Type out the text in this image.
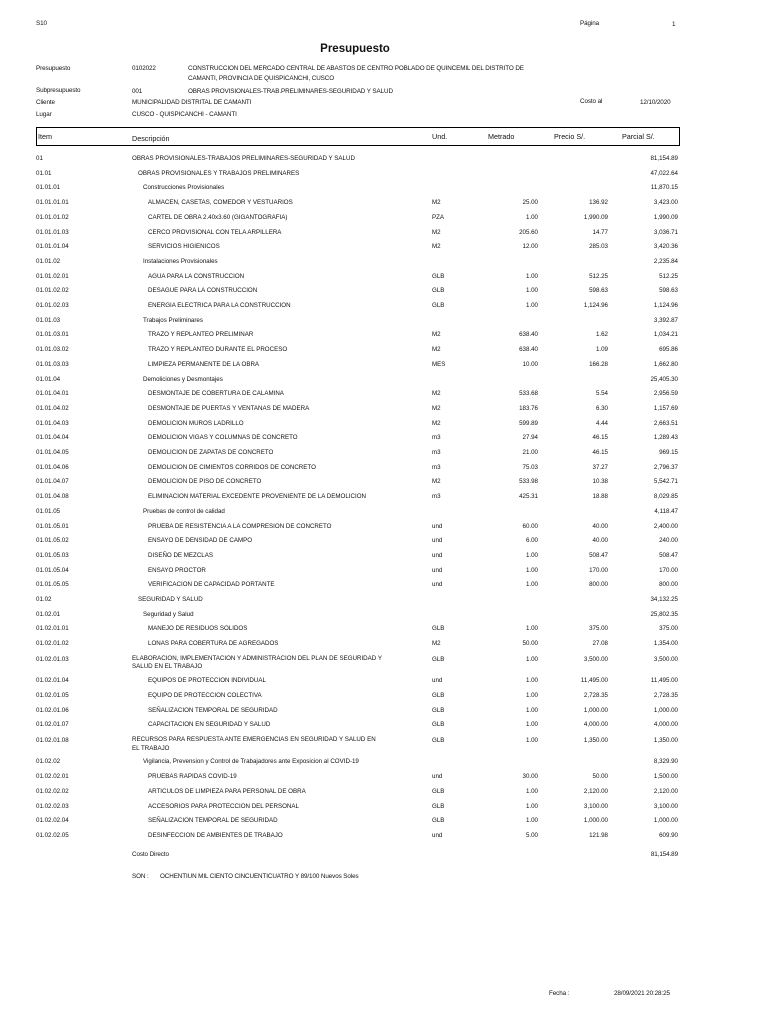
S10	Página	1
Presupuesto
Presupuesto	0102022	CONSTRUCCION DEL MERCADO CENTRAL DE ABASTOS DE CENTRO POBLADO DE QUINCEMIL DEL DISTRITO DE
CAMANTI, PROVINCIA DE QUISPICANCHI, CUSCO
Subpresupuesto	001	OBRAS PROVISIONALES-TRAB.PRELIMINARES-SEGURIDAD Y SALUD
Cliente	MUNICIPALIDAD DISTRITAL DE CAMANTI	Costo al	12/10/2020
Lugar	CUSCO - QUISPICANCHI - CAMANTI
Item	Descripción	Und.	Metrado	Precio S/.	Parcial S/.
01	OBRAS PROVISIONALES-TRABAJOS PRELIMINARES-SEGURIDAD Y SALUD	81,154.89
01.01	OBRAS PROVISIONALES Y TRABAJOS PRELIMINARES	47,022.64
01.01.01	Construcciones Provisionales	11,870.15
01.01.01.01	ALMACEN, CASETAS, COMEDOR Y VESTUARIOS	M2	25.00	136.92	3,423.00
01.01.01.02	CARTEL DE OBRA 2.40x3.60 (GIGANTOGRAFIA)	PZA	1.00	1,990.09	1,990.09
01.01.01.03	CERCO PROVISIONAL CON TELA ARPILLERA	M2	205.60	14.77	3,036.71
01.01.01.04	SERVICIOS HIGIENICOS	M2	12.00	285.03	3,420.36
01.01.02	Instalaciones Provisionales	2,235.84
01.01.02.01	AGUA PARA LA CONSTRUCCION	GLB	1.00	512.25	512.25
01.01.02.02	DESAGUE PARA LA CONSTRUCCION	GLB	1.00	598.63	598.63
01.01.02.03	ENERGIA ELECTRICA PARA LA CONSTRUCCION	GLB	1.00	1,124.96	1,124.96
01.01.03	Trabajos Preliminares	3,392.87
01.01.03.01	TRAZO Y REPLANTEO PRELIMINAR	M2	638.40	1.62	1,034.21
01.01.03.02	TRAZO Y REPLANTEO DURANTE EL PROCESO	M2	638.40	1.09	695.86
01.01.03.03	LIMPIEZA PERMANENTE DE LA OBRA	MES	10.00	166.28	1,662.80
01.01.04	Demoliciones y Desmontajes	25,405.30
01.01.04.01	DESMONTAJE DE COBERTURA DE CALAMINA	M2	533.68	5.54	2,956.59
01.01.04.02	DESMONTAJE DE PUERTAS Y VENTANAS DE MADERA	M2	183.76	6.30	1,157.69
01.01.04.03	DEMOLICION MUROS LADRILLO	M2	599.89	4.44	2,663.51
01.01.04.04	DEMOLICION VIGAS Y COLUMNAS DE CONCRETO	m3	27.94	46.15	1,289.43
01.01.04.05	DEMOLICION DE ZAPATAS DE CONCRETO	m3	21.00	46.15	969.15
01.01.04.06	DEMOLICION DE CIMIENTOS CORRIDOS DE CONCRETO	m3	75.03	37.27	2,796.37
01.01.04.07	DEMOLICION DE PISO DE CONCRETO	M2	533.98	10.38	5,542.71
01.01.04.08	ELIMINACION MATERIAL EXCEDENTE PROVENIENTE DE LA DEMOLICION	m3	425.31	18.88	8,029.85
01.01.05	Pruebas de control de calidad	4,118.47
01.01.05.01	PRUEBA DE RESISTENCIA A LA COMPRESION DE CONCRETO	und	60.00	40.00	2,400.00
01.01.05.02	ENSAYO DE DENSIDAD DE CAMPO	und	6.00	40.00	240.00
01.01.05.03	DISEÑO DE MEZCLAS	und	1.00	508.47	508.47
01.01.05.04	ENSAYO PROCTOR	und	1.00	170.00	170.00
01.01.05.05	VERIFICACION DE CAPACIDAD PORTANTE	und	1.00	800.00	800.00
01.02	SEGURIDAD Y SALUD	34,132.25
01.02.01	Seguridad y Salud	25,802.35
01.02.01.01	MANEJO DE RESIDUOS SOLIDOS	GLB	1.00	375.00	375.00
01.02.01.02	LONAS PARA COBERTURA DE AGREGADOS	M2	50.00	27.08	1,354.00
01.02.01.03	ELABORACION, IMPLEMENTACION Y ADMINISTRACION DEL PLAN DE SEGURIDAD Y SALUD EN EL TRABAJO
GLB	1.00	3,500.00	3,500.00
01.02.01.04	EQUIPOS DE PROTECCION INDIVIDUAL	und	1.00	11,495.00	11,495.00
01.02.01.05	EQUIPO DE PROTECCION COLECTIVA	GLB	1.00	2,728.35	2,728.35
01.02.01.06	SEÑALIZACION TEMPORAL DE SEGURIDAD	GLB	1.00	1,000.00	1,000.00
01.02.01.07	CAPACITACION EN SEGURIDAD Y SALUD	GLB	1.00	4,000.00	4,000.00
01.02.01.08	RECURSOS PARA RESPUESTA ANTE EMERGENCIAS EN SEGURIDAD Y SALUD EN EL TRABAJO
GLB	1.00	1,350.00	1,350.00
01.02.02	Vigilancia, Prevension y Control de Trabajadores ante Exposicion al COVID-19	8,329.90
01.02.02.01	PRUEBAS RAPIDAS COVID-19	und	30.00	50.00	1,500.00
01.02.02.02	ARTICULOS DE LIMPIEZA PARA PERSONAL DE OBRA	GLB	1.00	2,120.00	2,120.00
01.02.02.03	ACCESORIOS PARA PROTECCION DEL PERSONAL	GLB	1.00	3,100.00	3,100.00
01.02.02.04	SEÑALIZACION TEMPORAL DE SEGURIDAD	GLB	1.00	1,000.00	1,000.00
01.02.02.05	DESINFECCION DE AMBIENTES DE TRABAJO	und	5.00	121.98	609.90
Costo Directo	81,154.89
SON : OCHENTIUN MIL CIENTO CINCUENTICUATRO Y 89/100 Nuevos Soles
Fecha :	28/09/2021 20:28:25
